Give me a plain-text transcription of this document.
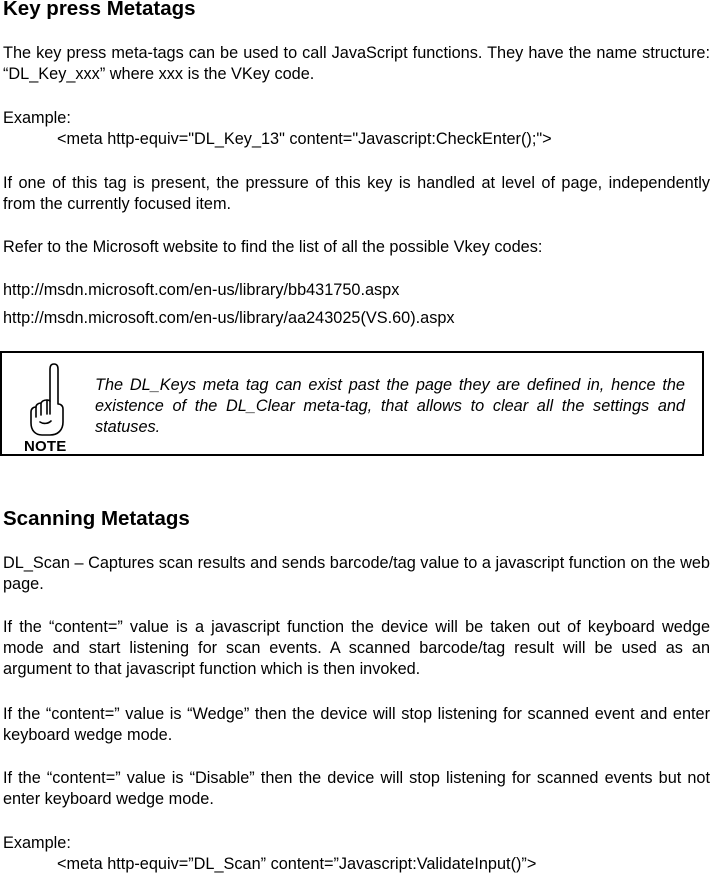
Key press Metatags

The key press meta-tags can be used to call JavaScript functions. They have the name structure: “DL_Key_xxx” where xxx is the VKey code.

Example:

<meta http-equiv="DL_Key_13" content="Javascript:CheckEnter();">

If one of this tag is present, the pressure of this key is handled at level of page, independently from the currently focused item.

Refer to the Microsoft website to find the list of all the possible Vkey codes:

http://msdn.microsoft.com/en-us/library/bb431750.aspx

http://msdn.microsoft.com/en-us/library/aa243025(VS.60).aspx

NOTE

The DL_Keys meta tag can exist past the page they are defined in, hence the existence of the DL_Clear meta-tag, that allows to clear all the settings and statuses.

Scanning Metatags

DL_Scan – Captures scan results and sends barcode/tag value to a javascript function on the web page.

If the “content=” value is a javascript function the device will be taken out of keyboard wedge mode and start listening for scan events. A scanned barcode/tag result will be used as an argument to that javascript function which is then invoked.

If the “content=” value is “Wedge” then the device will stop listening for scanned event and enter keyboard wedge mode.

If the “content=” value is “Disable” then the device will stop listening for scanned events but not enter keyboard wedge mode.

Example:

<meta http-equiv=”DL_Scan” content=”Javascript:ValidateInput()”>
